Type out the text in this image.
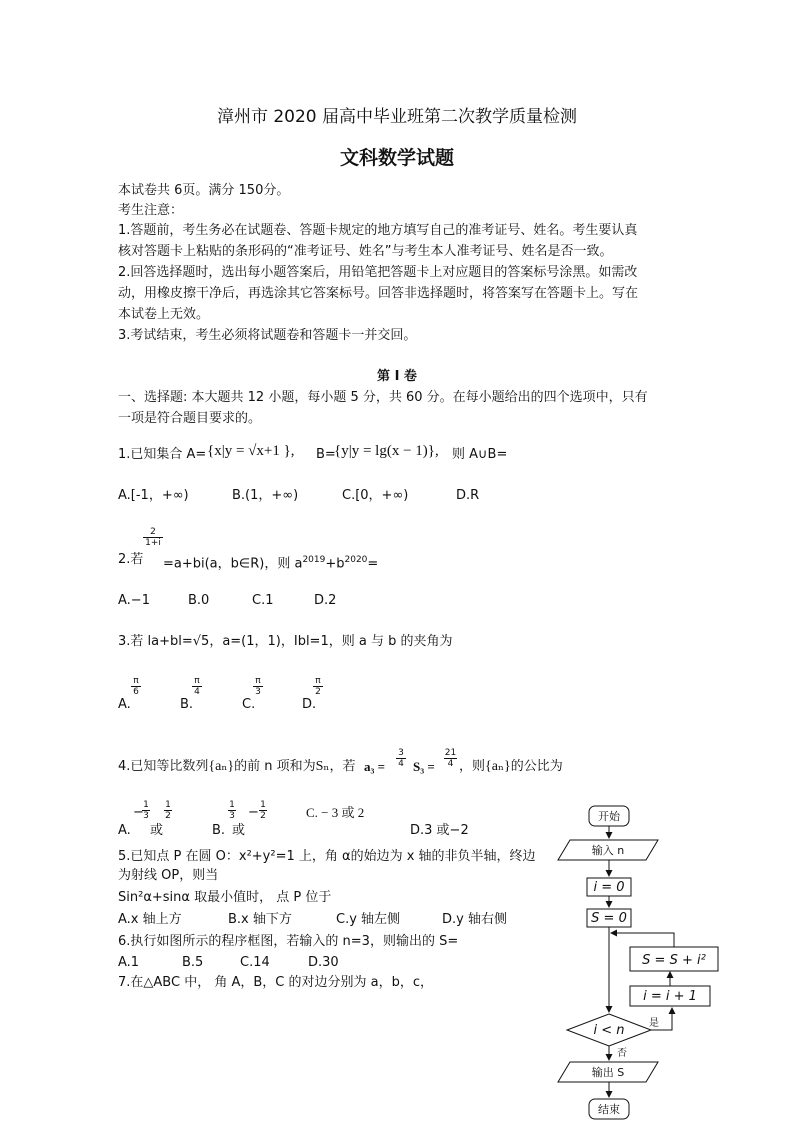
漳州市 2020 届高中毕业班第二次教学质量检测
文科数学试题
本试卷共 6页。满分 150分。
考生注意：
1.答题前，考生务必在试题卷、答题卡规定的地方填写自己的准考证号、姓名。考生要认真
核对答题卡上粘贴的条形码的“准考证号、姓名”与考生本人准考证号、姓名是否一致。
2.回答选择题时，选出每小题答案后，用铅笔把答题卡上对应题目的答案标号涂黑。如需改
动，用橡皮擦干净后，再选涂其它答案标号。回答非选择题时，将答案写在答题卡上。写在
本试卷上无效。
3.考试结束，考生必须将试题卷和答题卡一并交回。
第 I 卷
一、选择题: 本大题共 12 小题，每小题 5 分，共 60 分。在每小题给出的四个选项中，只有
一项是符合题目要求的。
1.已知集合 A= {x|y = √x+1 }, B=
{y|y = lg(x − 1)}, 则 A∪B=
A.[-1，+∞)	B.(1，+∞)	C.[0，+∞)	D.R
2.若
$\frac{2}{1+i}$
=a+bi(a，b∈R)，则 $a^{2019}+b^{2020}=$
A.−1	B.0	C.1	D.2
3.若 la+bl=√5，a=(1，1)，Ibl=1，则 a 与 b 的夹角为
A.
$\frac{\pi}{6}$
B.
$\frac{\pi}{4}$
C.
$\frac{\pi}{3}$
D.
$\frac{\pi}{2}$
4.已知等比数列{aₙ}的前 n 项和为Sₙ，若 $a_3 = \frac{3}{4} S_3 = \frac{21}{4}$ ，则{aₙ}的公比为
A.
−
$\frac{1}{3}$
或
$\frac{1}{2}$
B.
$\frac{1}{3}$
或
− $\frac{1}{2}$	C. − 3 或 2
D.3 或−2
5.已知点 P 在圆 O：x²+y²=1 上，角 α的始边为 x 轴的非负半轴，终边
为射线 OP，则当
Sin²α+sinα 取最小值时， 点 P 位于
A.x 轴上方	B.x 轴下方	C.y 轴左侧	D.y 轴右侧
6.执行如图所示的程序框图，若输入的 n=3，则输出的 S=
A.1	B.5	C.14	D.30
7.在△ABC 中， 角 A，B，C 的对边分别为 a，b，c，
开始
输入 n
i = 0
S = 0
S = S + i²
i = i + 1
i < n 是
否
输出 S
结束
